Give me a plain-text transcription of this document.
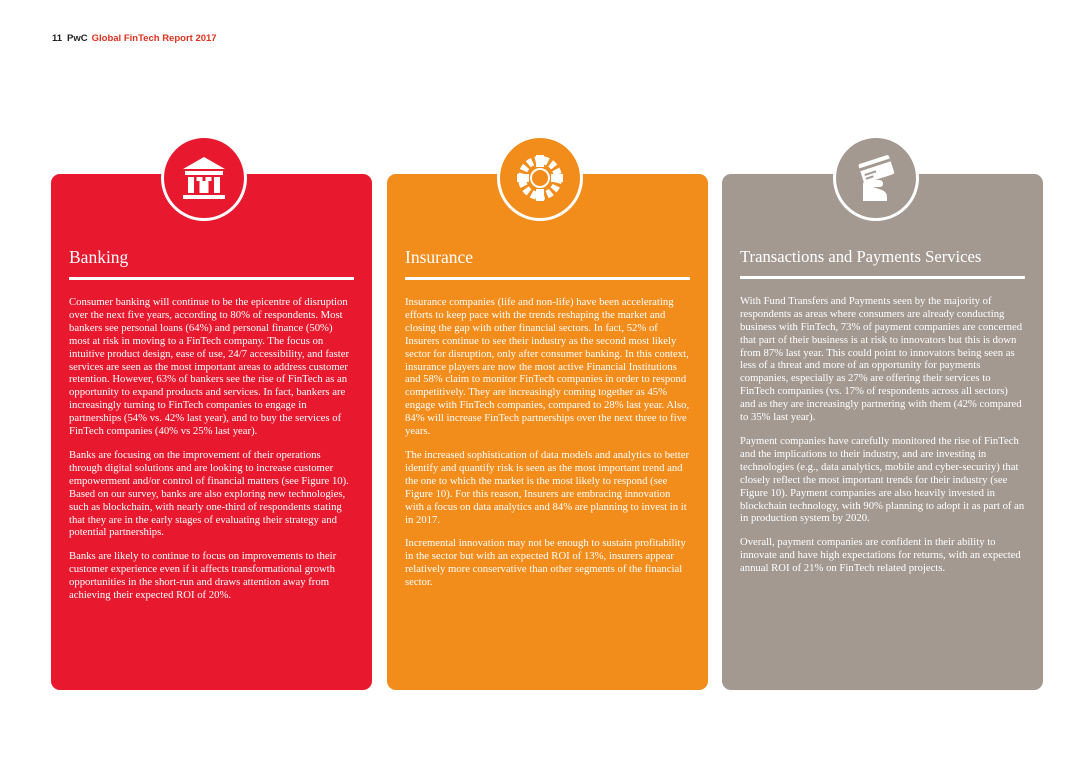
11 PwC Global FinTech Report 2017
Banking

Consumer banking will continue to be the epicentre of disruption over the next five years, according to 80% of respondents. Most bankers see personal loans (64%) and personal finance (50%) most at risk in moving to a FinTech company. The focus on intuitive product design, ease of use, 24/7 accessibility, and faster services are seen as the most important areas to address customer retention. However, 63% of bankers see the rise of FinTech as an opportunity to expand products and services. In fact, bankers are increasingly turning to FinTech companies to engage in partnerships (54% vs. 42% last year), and to buy the services of FinTech companies (40% vs 25% last year).

Banks are focusing on the improvement of their operations through digital solutions and are looking to increase customer empowerment and/or control of financial matters (see Figure 10). Based on our survey, banks are also exploring new technologies, such as blockchain, with nearly one-third of respondents stating that they are in the early stages of evaluating their strategy and potential partnerships.

Banks are likely to continue to focus on improvements to their customer experience even if it affects transformational growth opportunities in the short-run and draws attention away from achieving their expected ROI of 20%.

Insurance

Insurance companies (life and non-life) have been accelerating efforts to keep pace with the trends reshaping the market and closing the gap with other financial sectors. In fact, 52% of Insurers continue to see their industry as the second most likely sector for disruption, only after consumer banking. In this context, insurance players are now the most active Financial Institutions and 58% claim to monitor FinTech companies in order to respond competitively. They are increasingly coming together as 45% engage with FinTech companies, compared to 28% last year. Also, 84% will increase FinTech partnerships over the next three to five years.

The increased sophistication of data models and analytics to better identify and quantify risk is seen as the most important trend and the one to which the market is the most likely to respond (see Figure 10). For this reason, Insurers are embracing innovation with a focus on data analytics and 84% are planning to invest in it in 2017.

Incremental innovation may not be enough to sustain profitability in the sector but with an expected ROI of 13%, insurers appear relatively more conservative than other segments of the financial sector.

Transactions and Payments Services

With Fund Transfers and Payments seen by the majority of respondents as areas where consumers are already conducting business with FinTech, 73% of payment companies are concerned that part of their business is at risk to innovators but this is down from 87% last year. This could point to innovators being seen as less of a threat and more of an opportunity for payments companies, especially as 27% are offering their services to FinTech companies (vs. 17% of respondents across all sectors) and as they are increasingly partnering with them (42% compared to 35% last year).

Payment companies have carefully monitored the rise of FinTech and the implications to their industry, and are investing in technologies (e.g., data analytics, mobile and cyber-security) that closely reflect the most important trends for their industry (see Figure 10). Payment companies are also heavily invested in blockchain technology, with 90% planning to adopt it as part of an in production system by 2020.

Overall, payment companies are confident in their ability to innovate and have high expectations for returns, with an expected annual ROI of 21% on FinTech related projects.
